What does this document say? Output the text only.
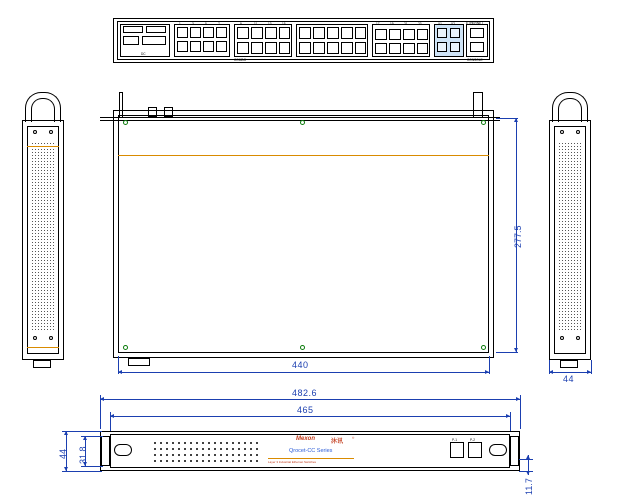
DC
X1	X2	ETHERNET
CONSOLE
COMBO
1	3	5	7	9	11	13	15	17	19	21	23
277.5
440
44
482.6
465
Mexon	沐讯
®
Qrocet-CC Series
Layer 3 Industrial Ethernet Switches
P-1	P-2
44 31.8
11.7
